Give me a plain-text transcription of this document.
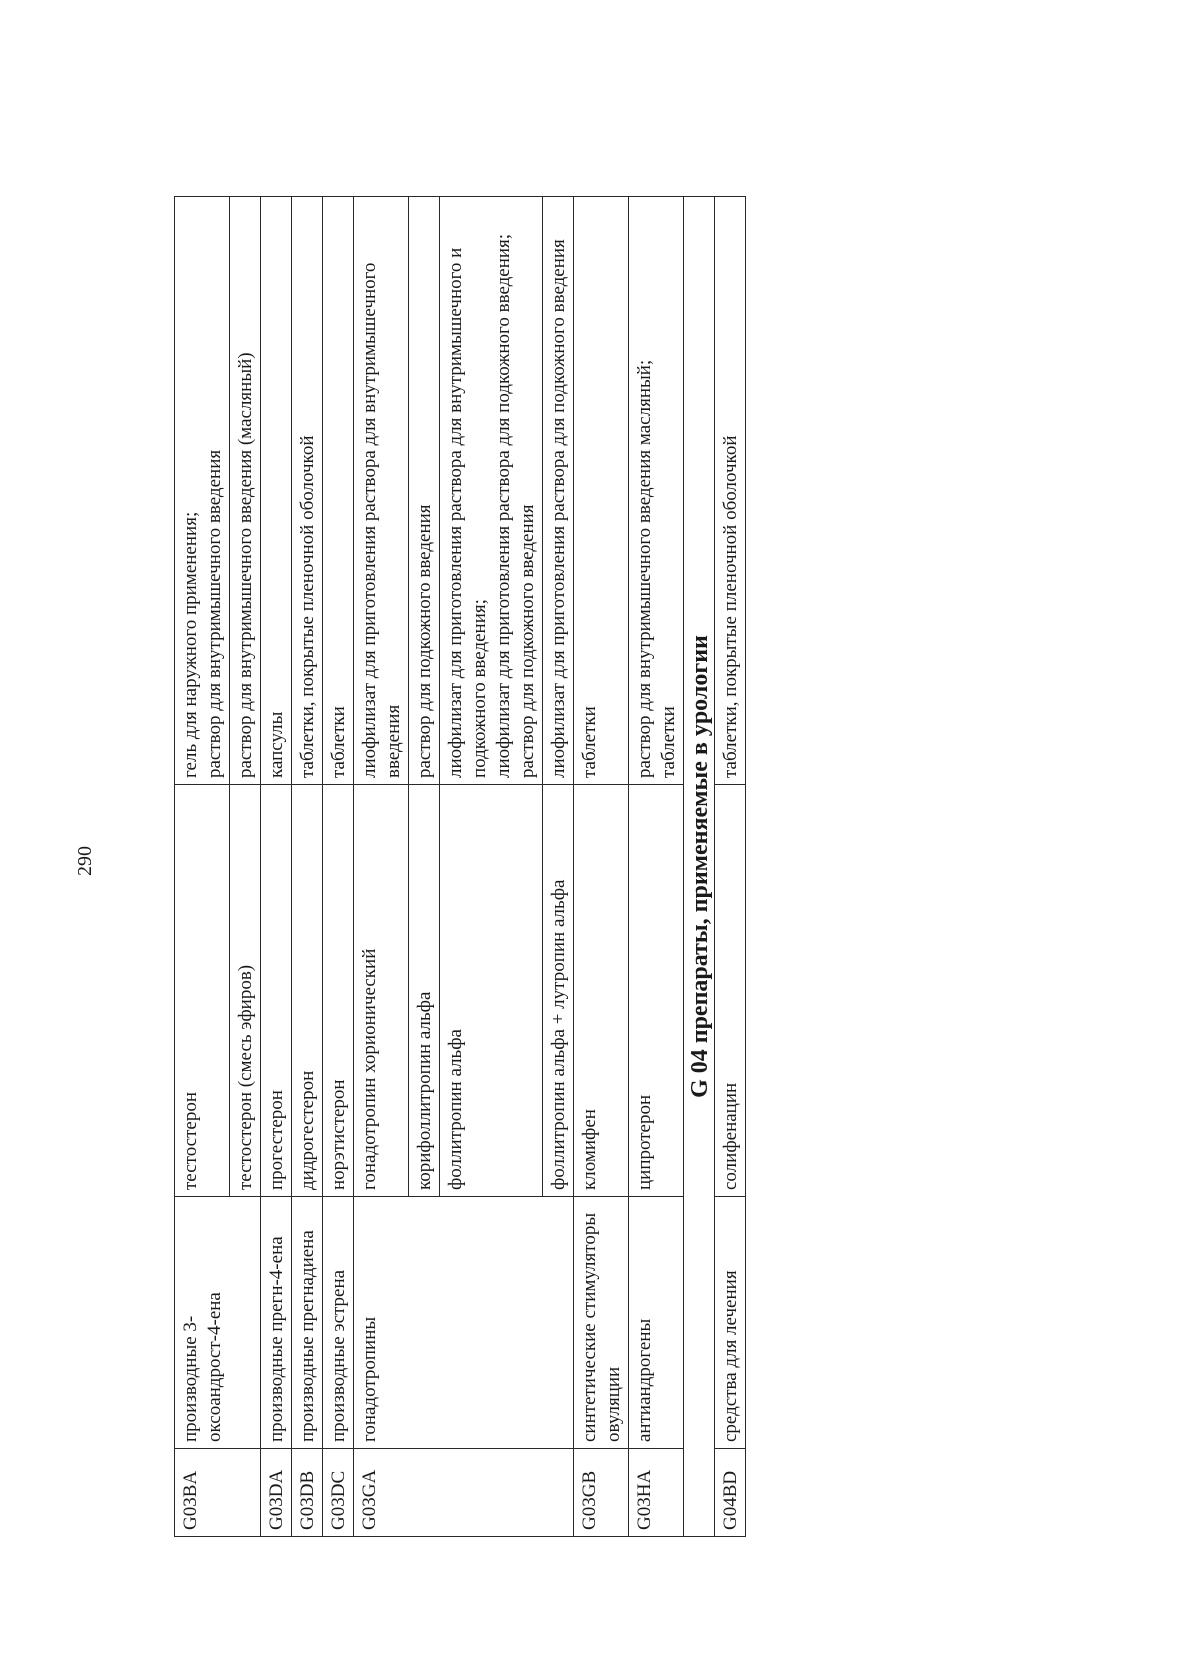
290
G03BA	производные 3-оксоандрост-4-ена	тестостерон	гель для наружного применения; раствор для внутримышечного введения

		тестостерон (смесь эфиров)	раствор для внутримышечного введения (масляный)

G03DA	производные прегн-4-ена	прогестерон	капсулы

G03DB	производные прегнадиена	дидрогестерон	таблетки, покрытые пленочной оболочкой

G03DC	производные эстрена	норэтистерон	таблетки

G03GA	гонадотропины	гонадотропин хорионический	лиофилизат для приготовления раствора для внутримышечного введения

		корифоллитропин альфа	раствор для подкожного введения

		фоллитропин альфа	лиофилизат для приготовления раствора для внутримышечного и подкожного введения; лиофилизат для приготовления раствора для подкожного введения; раствор для подкожного введения

		фоллитропин альфа + лутропин альфа	лиофилизат для приготовления раствора для подкожного введения

G03GB	синтетические стимуляторы овуляции	кломифен	таблетки

G03HA	антиандрогены	ципротерон	раствор для внутримышечного введения масляный; таблетки

G 04 препараты, применяемые в урологии			
G04BD	средства для лечения	солифенацин	таблетки, покрытые пленочной оболочкой
